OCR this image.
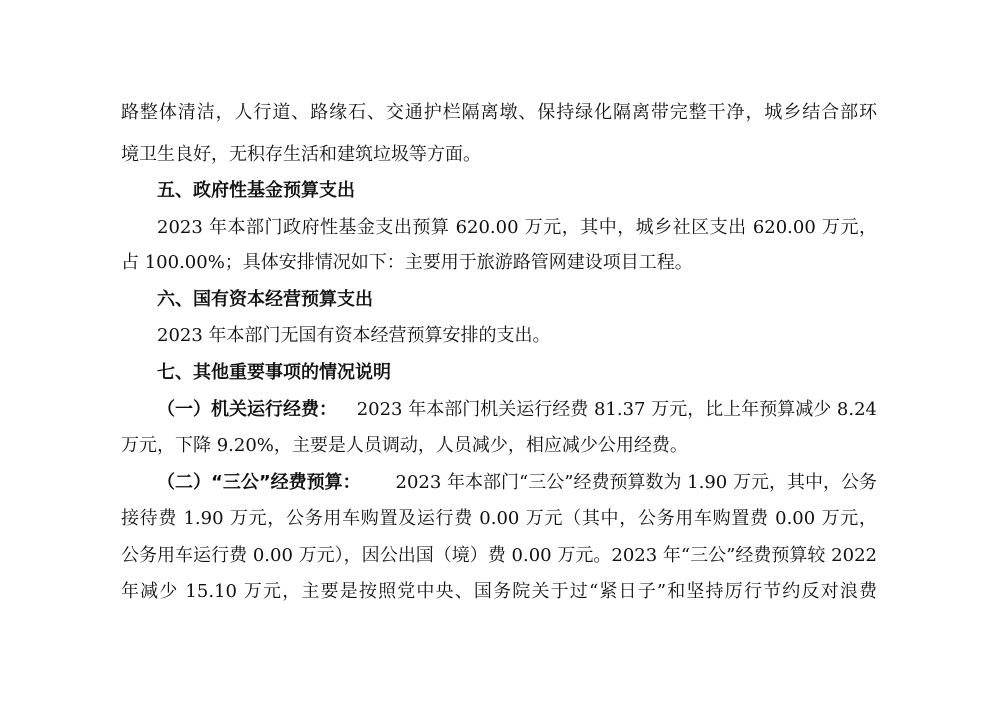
路整体清洁，人行道、路缘石、交通护栏隔离墩、保持绿化隔离带完整干净，城乡结合部环
境卫生良好，无积存生活和建筑垃圾等方面。
五、政府性基金预算支出
2023 年本部门政府性基金支出预算 620.00 万元，其中，城乡社区支出 620.00 万元，
占 100.00%；具体安排情况如下：主要用于旅游路管网建设项目工程。
六、国有资本经营预算支出
2023 年本部门无国有资本经营预算安排的支出。
七、其他重要事项的情况说明
（一）机关运行经费： 2023 年本部门机关运行经费 81.37 万元，比上年预算减少 8.24
万元，下降 9.20%，主要是人员调动，人员减少，相应减少公用经费。
（二）“三公”经费预算： 2023 年本部门“三公”经费预算数为 1.90 万元，其中，公务
接待费 1.90 万元，公务用车购置及运行费 0.00 万元（其中，公务用车购置费 0.00 万元，
公务用车运行费 0.00 万元），因公出国（境）费 0.00 万元。2023 年“三公”经费预算较 2022
年减少 15.10 万元，主要是按照党中央、国务院关于过“紧日子”和坚持厉行节约反对浪费
